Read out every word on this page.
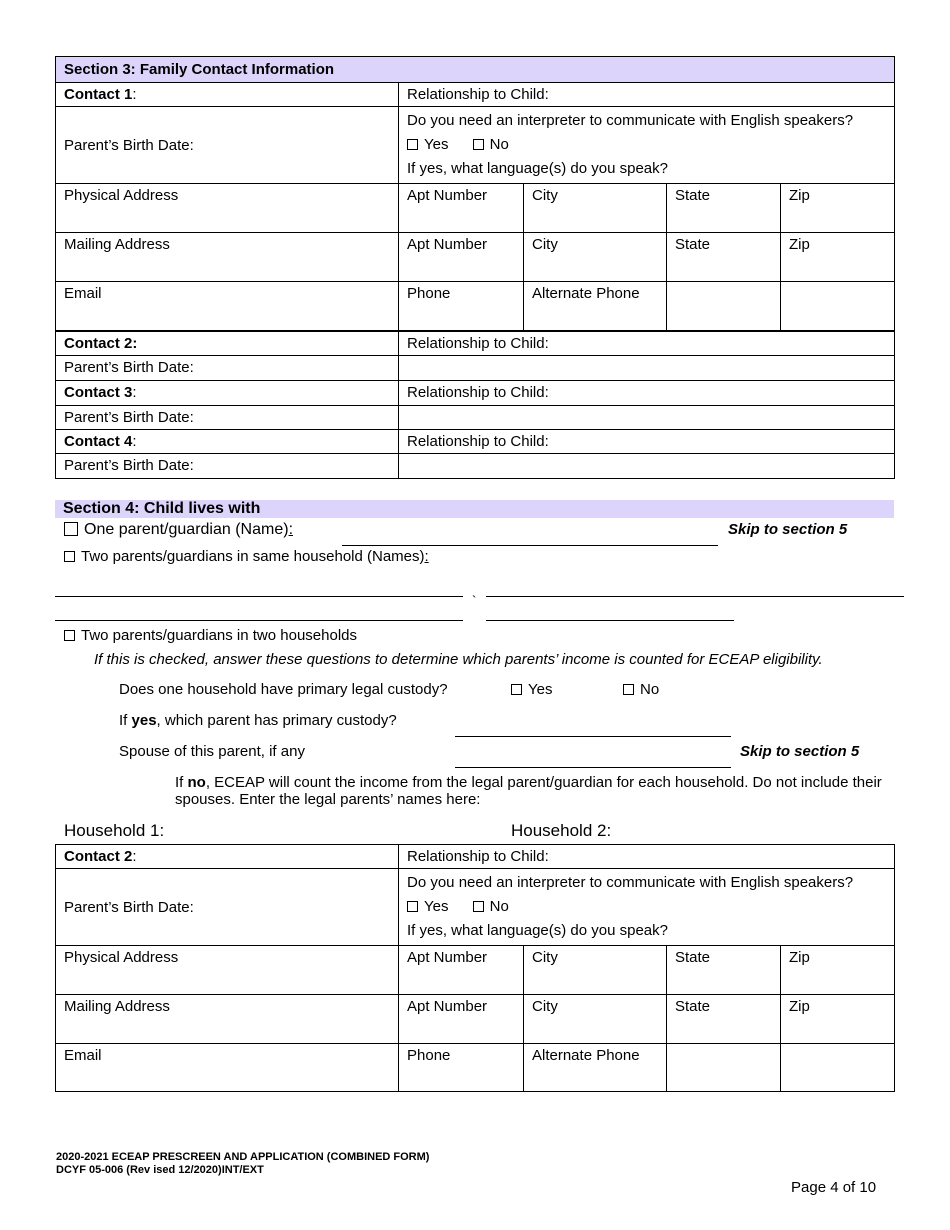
Section 3: Family Contact Information				
Contact 1:	Relationship to Child:			
Parent’s Birth Date:	Do you need an interpreter to communicate with English speakers?
Yes No
If yes, what language(s) do you speak?			

Physical Address	Apt Number	City	State	Zip
Mailing Address	Apt Number	City	State	Zip
Email	Phone	Alternate Phone		
Contact 2:	Relationship to Child:			
Parent’s Birth Date:				
Contact 3:	Relationship to Child:			
Parent’s Birth Date:				
Contact 4:	Relationship to Child:			
Parent’s Birth Date:				
Section 4: Child lives with
One parent/guardian (Name):	Skip to section 5
Two parents/guardians in same household (Names):
`
Two parents/guardians in two households
If this is checked, answer these questions to determine which parents’ income is counted for ECEAP eligibility.
Does one household have primary legal custody?	Yes	No
If yes, which parent has primary custody?
Spouse of this parent, if any	Skip to section 5
If no, ECEAP will count the income from the legal parent/guardian for each household. Do not include their spouses. Enter the legal parents’ names here:
Household 1:	Household 2:
Contact 2:	Relationship to Child:			
Parent’s Birth Date:	Do you need an interpreter to communicate with English speakers?
Yes No
If yes, what language(s) do you speak?			

Physical Address	Apt Number	City	State	Zip
Mailing Address	Apt Number	City	State	Zip
Email	Phone	Alternate Phone		
2020-2021 ECEAP PRESCREEN AND APPLICATION (COMBINED FORM)
DCYF 05-006 (Rev ised 12/2020)INT/EXT
Page 4 of 10
